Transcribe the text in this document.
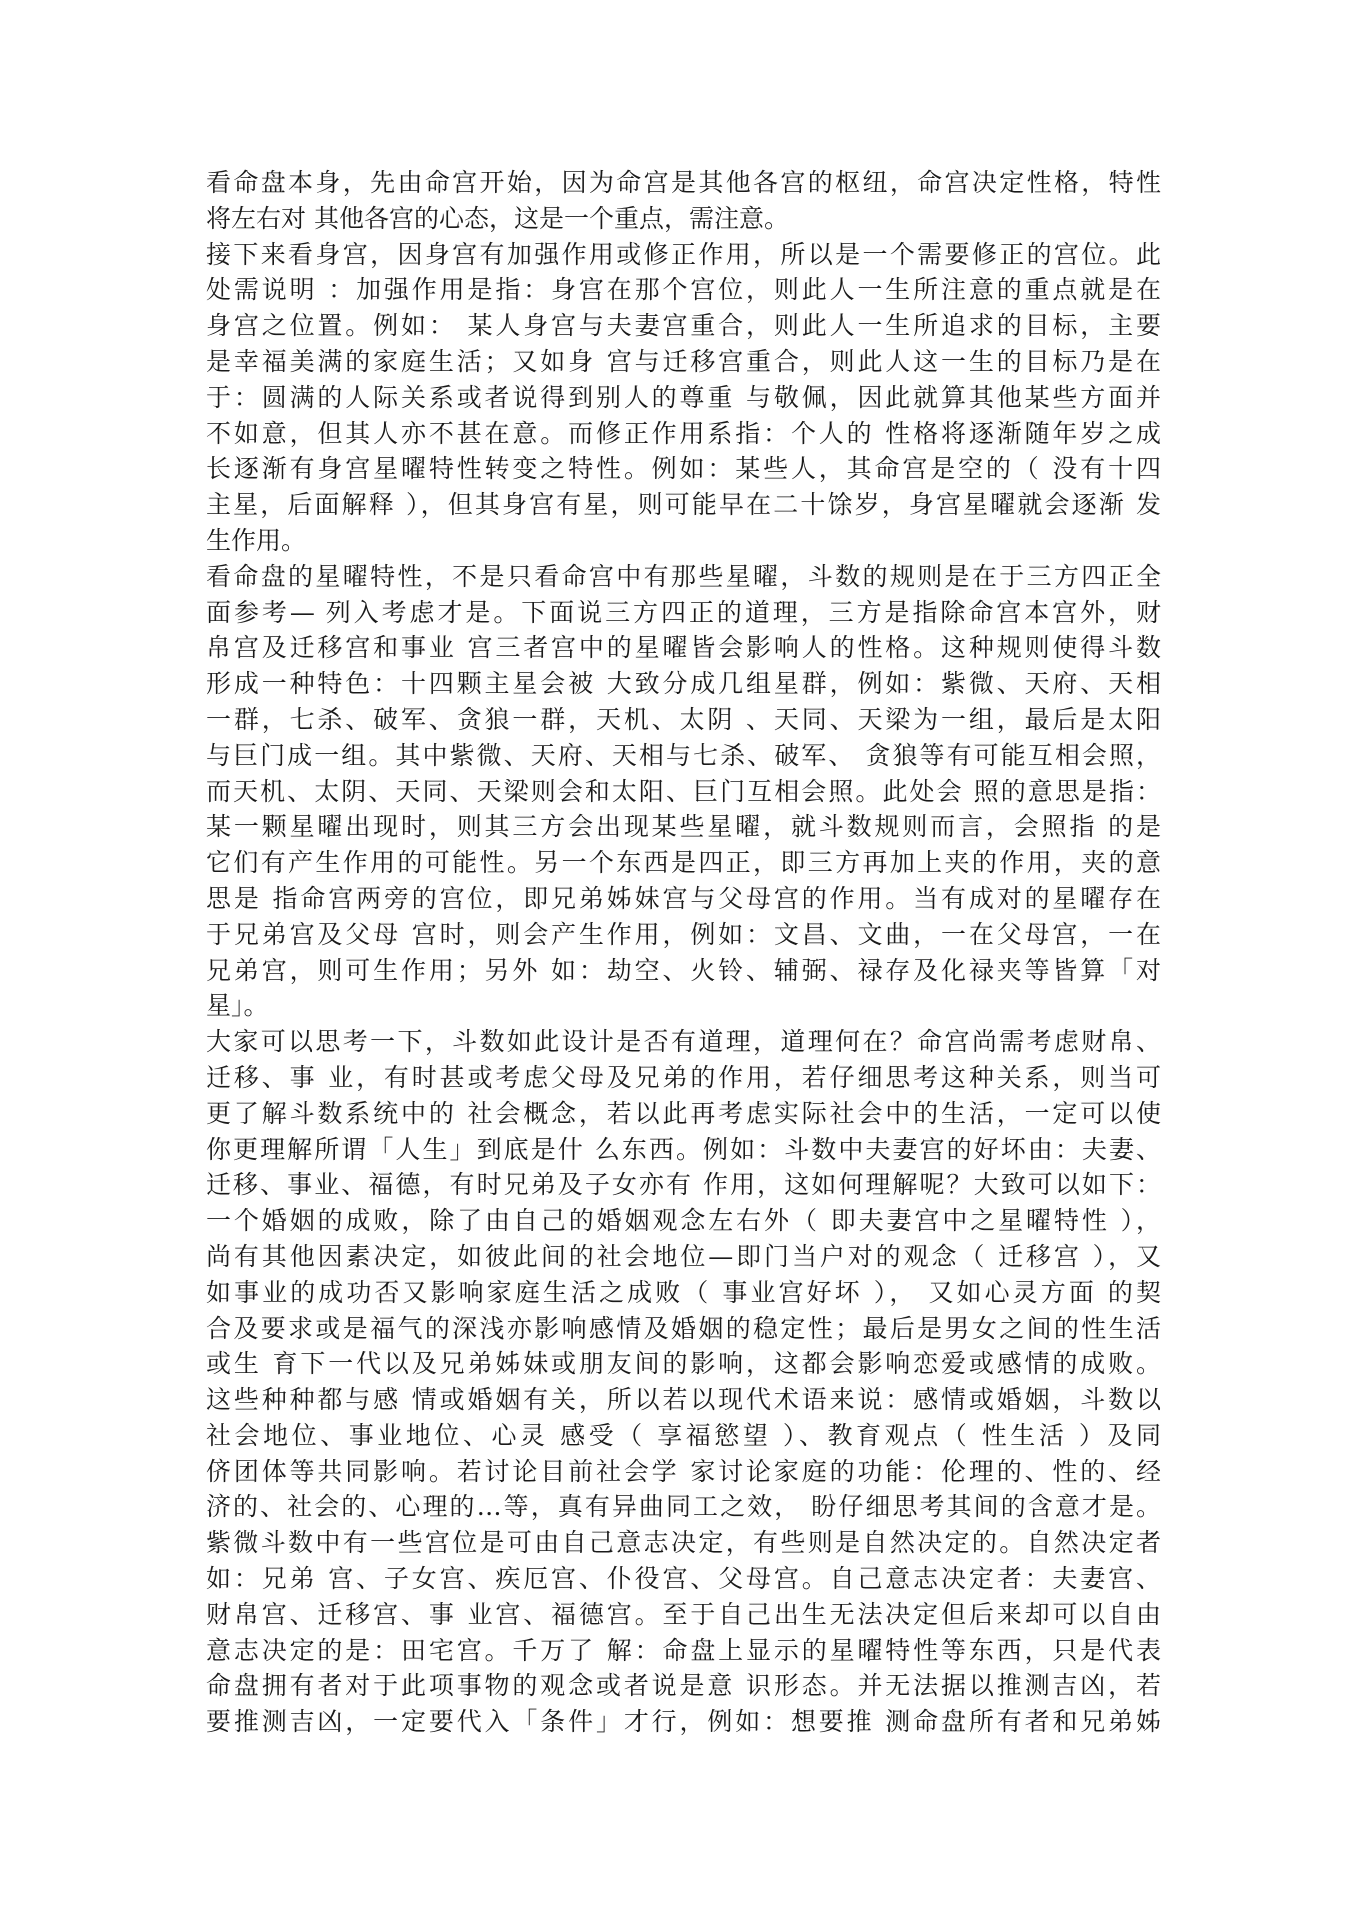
看命盘本身，先由命宫开始，因为命宫是其他各宫的枢纽，命宫决定性格，特性
将左右对 其他各宫的心态，这是一个重点，需注意。
接下来看身宫，因身宫有加强作用或修正作用，所以是一个需要修正的宫位。此
处需说明 ：加强作用是指：身宫在那个宫位，则此人一生所注意的重点就是在
身宫之位置。例如： 某人身宫与夫妻宫重合，则此人一生所追求的目标，主要
是幸福美满的家庭生活；又如身 宫与迁移宫重合，则此人这一生的目标乃是在
于：圆满的人际关系或者说得到别人的尊重 与敬佩，因此就算其他某些方面并
不如意，但其人亦不甚在意。而修正作用系指：个人的 性格将逐渐随年岁之成
长逐渐有身宫星曜特性转变之特性。例如：某些人，其命宫是空的（ 没有十四
主星，后面解释 ），但其身宫有星，则可能早在二十馀岁，身宫星曜就会逐渐 发
生作用。
看命盘的星曜特性，不是只看命宫中有那些星曜，斗数的规则是在于三方四正全
面参考— 列入考虑才是。下面说三方四正的道理，三方是指除命宫本宫外，财
帛宫及迁移宫和事业 宫三者宫中的星曜皆会影响人的性格。这种规则使得斗数
形成一种特色：十四颗主星会被 大致分成几组星群，例如：紫微、天府、天相
一群，七杀、破军、贪狼一群，天机、太阴 、天同、天梁为一组，最后是太阳
与巨门成一组。其中紫微、天府、天相与七杀、破军、 贪狼等有可能互相会照，
而天机、太阴、天同、天梁则会和太阳、巨门互相会照。此处会 照的意思是指：
某一颗星曜出现时，则其三方会出现某些星曜，就斗数规则而言，会照指 的是
它们有产生作用的可能性。另一个东西是四正，即三方再加上夹的作用，夹的意
思是 指命宫两旁的宫位，即兄弟姊妹宫与父母宫的作用。当有成对的星曜存在
于兄弟宫及父母 宫时，则会产生作用，例如：文昌、文曲，一在父母宫，一在
兄弟宫，则可生作用；另外 如：劫空、火铃、辅弼、禄存及化禄夹等皆算「对
星」。
大家可以思考一下，斗数如此设计是否有道理，道理何在？命宫尚需考虑财帛、
迁移、事 业，有时甚或考虑父母及兄弟的作用，若仔细思考这种关系，则当可
更了解斗数系统中的 社会概念，若以此再考虑实际社会中的生活，一定可以使
你更理解所谓「人生」到底是什 么东西。例如：斗数中夫妻宫的好坏由：夫妻、
迁移、事业、福德，有时兄弟及子女亦有 作用，这如何理解呢？大致可以如下：
一个婚姻的成败，除了由自己的婚姻观念左右外（ 即夫妻宫中之星曜特性 ），
尚有其他因素决定，如彼此间的社会地位—即门当户对的观念（ 迁移宫 ），又
如事业的成功否又影响家庭生活之成败（ 事业宫好坏 ）， 又如心灵方面 的契
合及要求或是福气的深浅亦影响感情及婚姻的稳定性；最后是男女之间的性生活
或生 育下一代以及兄弟姊妹或朋友间的影响，这都会影响恋爱或感情的成败。
这些种种都与感 情或婚姻有关，所以若以现代术语来说：感情或婚姻，斗数以
社会地位、事业地位、心灵 感受（ 享福慾望 ）、教育观点（ 性生活 ）及同
侪团体等共同影响。若讨论目前社会学 家讨论家庭的功能：伦理的、性的、经
济的、社会的、心理的…等，真有异曲同工之效， 盼仔细思考其间的含意才是。
紫微斗数中有一些宫位是可由自己意志决定，有些则是自然决定的。自然决定者
如：兄弟 宫、子女宫、疾厄宫、仆役宫、父母宫。自己意志决定者：夫妻宫、
财帛宫、迁移宫、事 业宫、福德宫。至于自己出生无法决定但后来却可以自由
意志决定的是：田宅宫。千万了 解：命盘上显示的星曜特性等东西，只是代表
命盘拥有者对于此项事物的观念或者说是意 识形态。并无法据以推测吉凶，若
要推测吉凶，一定要代入「条件」才行，例如：想要推 测命盘所有者和兄弟姊
